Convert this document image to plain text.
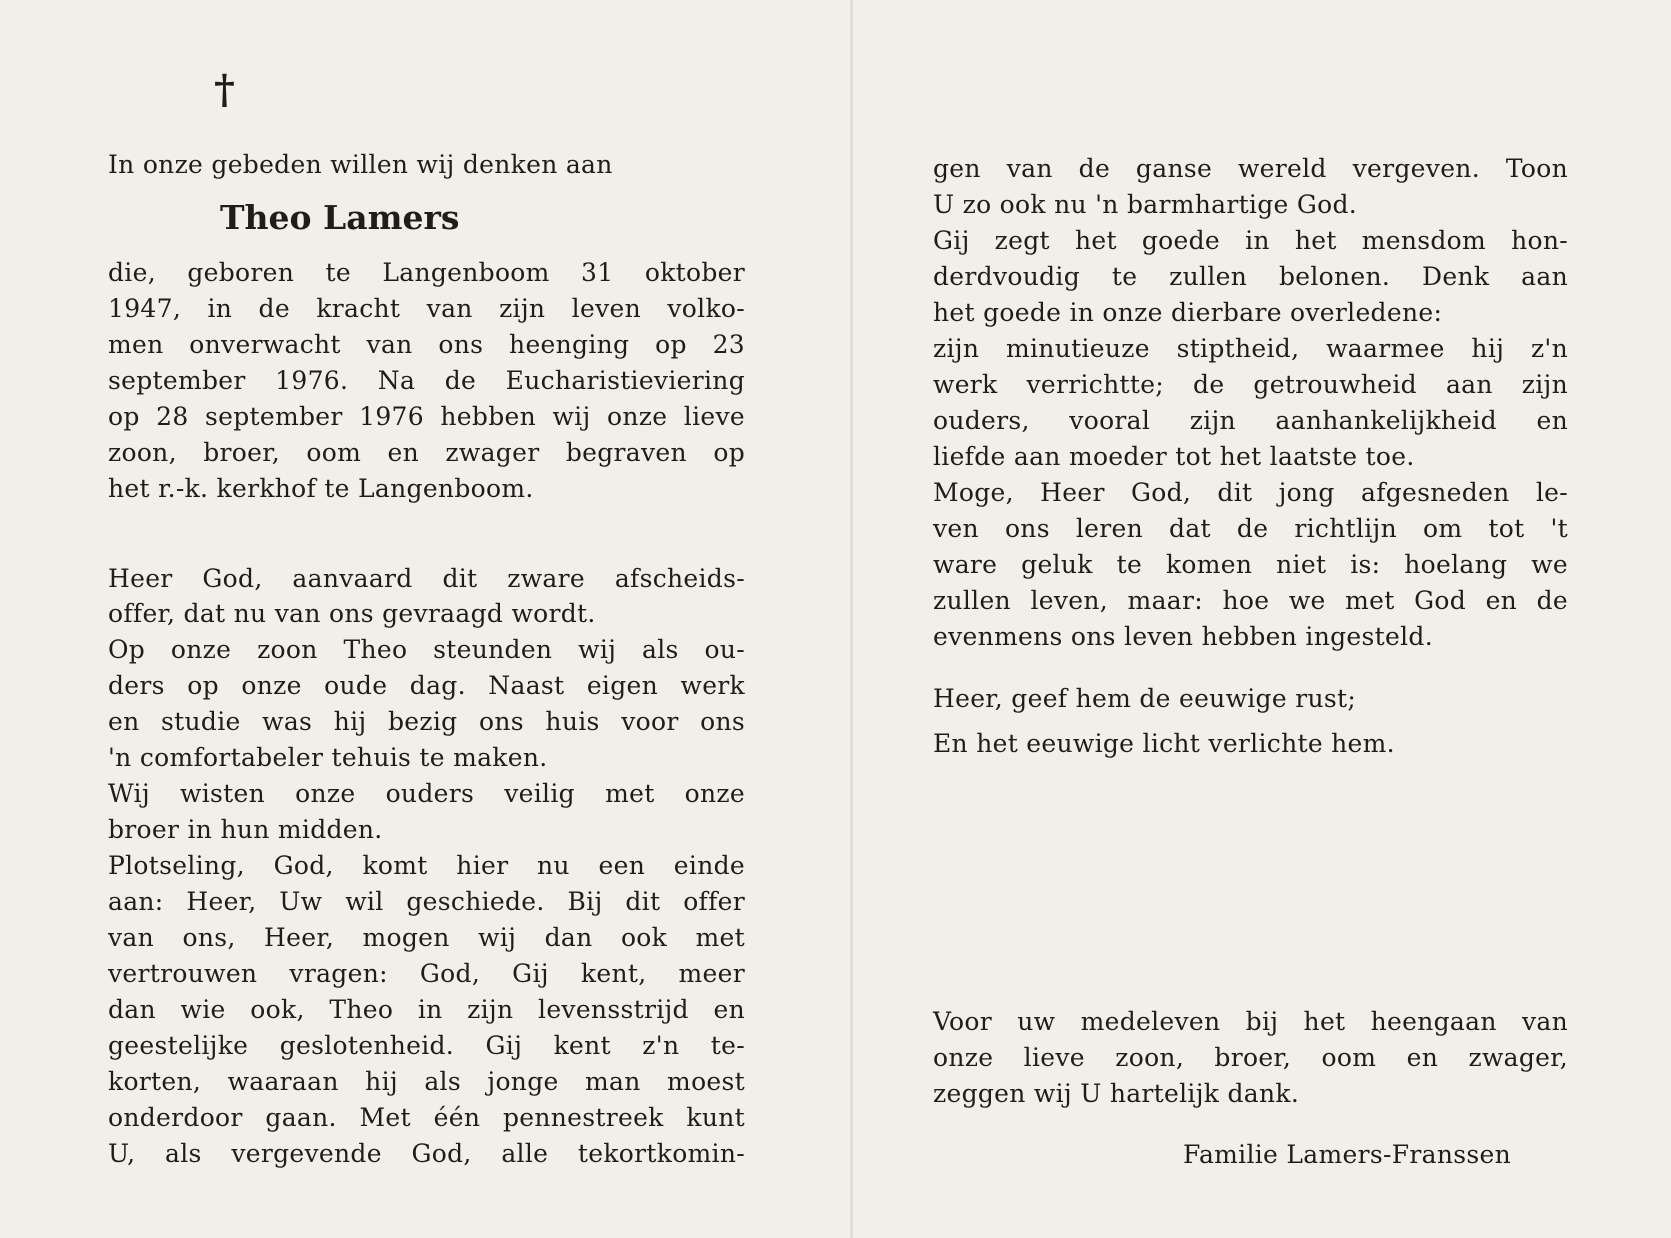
†
In onze gebeden willen wij denken aan
Theo Lamers
die, geboren te Langenboom 31 oktober
1947, in de kracht van zijn leven volko-
men onverwacht van ons heenging op 23
september 1976. Na de Eucharistieviering
op 28 september 1976 hebben wij onze lieve
zoon, broer, oom en zwager begraven op
het r.-k. kerkhof te Langenboom.
Heer God, aanvaard dit zware afscheids-
offer, dat nu van ons gevraagd wordt.
Op onze zoon Theo steunden wij als ou-
ders op onze oude dag. Naast eigen werk
en studie was hij bezig ons huis voor ons
'n comfortabeler tehuis te maken.
Wij wisten onze ouders veilig met onze
broer in hun midden.
Plotseling, God, komt hier nu een einde
aan: Heer, Uw wil geschiede. Bij dit offer
van ons, Heer, mogen wij dan ook met
vertrouwen vragen: God, Gij kent, meer
dan wie ook, Theo in zijn levensstrijd en
geestelijke geslotenheid. Gij kent z'n te-
korten, waaraan hij als jonge man moest
onderdoor gaan. Met één pennestreek kunt
U, als vergevende God, alle tekortkomin-
gen van de ganse wereld vergeven. Toon
U zo ook nu 'n barmhartige God.
Gij zegt het goede in het mensdom hon-
derdvoudig te zullen belonen. Denk aan
het goede in onze dierbare overledene:
zijn minutieuze stiptheid, waarmee hij z'n
werk verrichtte; de getrouwheid aan zijn
ouders, vooral zijn aanhankelijkheid en
liefde aan moeder tot het laatste toe.
Moge, Heer God, dit jong afgesneden le-
ven ons leren dat de richtlijn om tot 't
ware geluk te komen niet is: hoelang we
zullen leven, maar: hoe we met God en de
evenmens ons leven hebben ingesteld.
Heer, geef hem de eeuwige rust;
En het eeuwige licht verlichte hem.
Voor uw medeleven bij het heengaan van
onze lieve zoon, broer, oom en zwager,
zeggen wij U hartelijk dank.
Familie Lamers-Franssen
